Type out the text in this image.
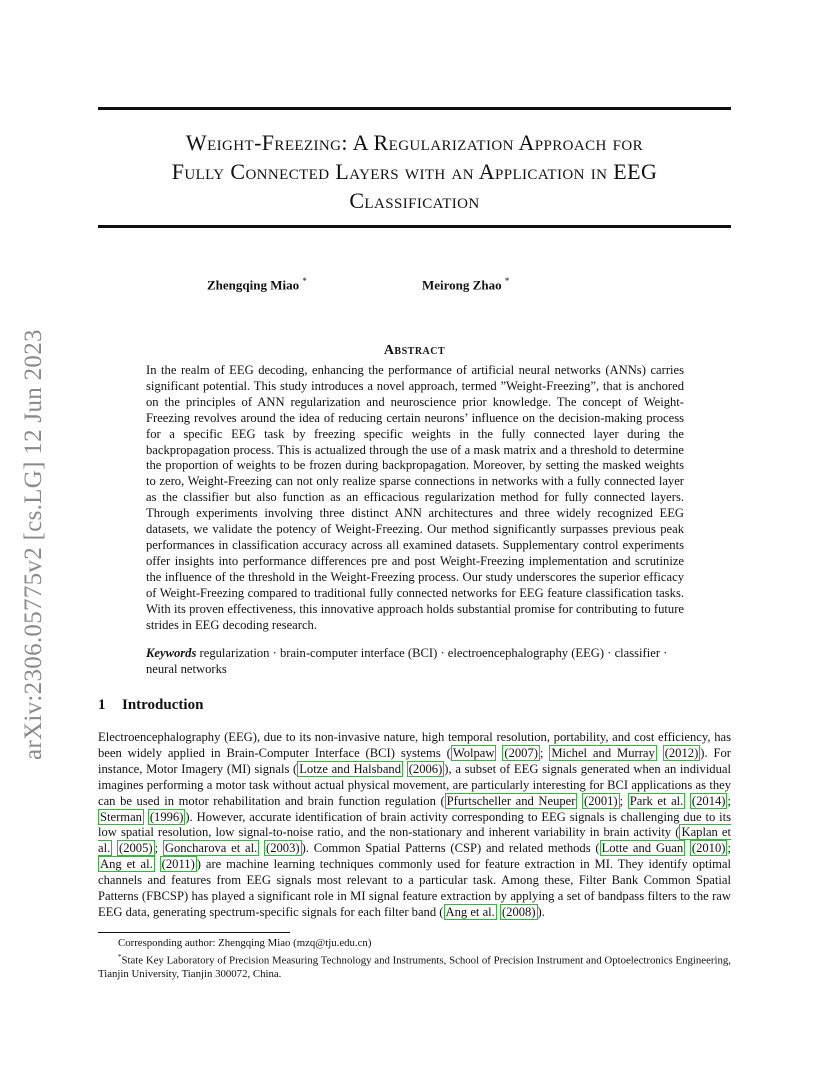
arXiv:2306.05775v2 [cs.LG] 12 Jun 2023
Weight-Freezing: A Regularization Approach for
Fully Connected Layers with an Application in EEG
Classification
Zhengqing Miao *	Meirong Zhao *
Abstract
In the realm of EEG decoding, enhancing the performance of artificial neural networks (ANNs) carries significant potential. This study introduces a novel approach, termed ”Weight-Freezing”, that is anchored on the principles of ANN regularization and neuroscience prior knowledge. The concept of Weight-Freezing revolves around the idea of reducing certain neurons’ influence on the decision-making process for a specific EEG task by freezing specific weights in the fully connected layer during the backpropagation process. This is actualized through the use of a mask matrix and a threshold to determine the proportion of weights to be frozen during backpropagation. Moreover, by setting the masked weights to zero, Weight-Freezing can not only realize sparse connections in networks with a fully connected layer as the classifier but also function as an efficacious regularization method for fully connected layers. Through experiments involving three distinct ANN architectures and three widely recognized EEG datasets, we validate the potency of Weight-Freezing. Our method significantly surpasses previous peak performances in classification accuracy across all examined datasets. Supplementary control experiments offer insights into performance differences pre and post Weight-Freezing implementation and scrutinize the influence of the threshold in the Weight-Freezing process. Our study underscores the superior efficacy of Weight-Freezing compared to traditional fully connected networks for EEG feature classification tasks. With its proven effectiveness, this innovative approach holds substantial promise for contributing to future strides in EEG decoding research.
Keywords regularization · brain-computer interface (BCI) · electroencephalography (EEG) · classifier · neural networks
1 Introduction
Electroencephalography (EEG), due to its non-invasive nature, high temporal resolution, portability, and cost efficiency, has been widely applied in Brain-Computer Interface (BCI) systems ( Wolpaw (2007) ; Michel and Murray (2012) ). For instance, Motor Imagery (MI) signals ( Lotze and Halsband (2006) ), a subset of EEG signals generated when an individual imagines performing a motor task without actual physical movement, are particularly interesting for BCI applications as they can be used in motor rehabilitation and brain function regulation ( Pfurtscheller and Neuper (2001) ; Park et al. (2014) ; Sterman (1996) ). However, accurate identification of brain activity corresponding to EEG signals is challenging due to its low spatial resolution, low signal-to-noise ratio, and the non-stationary and inherent variability in brain activity ( Kaplan et al. (2005) ; Goncharova et al. (2003) ). Common Spatial Patterns (CSP) and related methods ( Lotte and Guan (2010) ; Ang et al. (2011) ) are machine learning techniques commonly used for feature extraction in MI. They identify optimal channels and features from EEG signals most relevant to a particular task. Among these, Filter Bank Common Spatial Patterns (FBCSP) has played a significant role in MI signal feature extraction by applying a set of bandpass filters to the raw EEG data, generating spectrum-specific signals for each filter band ( Ang et al. (2008) ).

Corresponding author: Zhengqing Miao (mzq@tju.edu.cn)

*State Key Laboratory of Precision Measuring Technology and Instruments, School of Precision Instrument and Optoelectronics Engineering, Tianjin University, Tianjin 300072, China.
